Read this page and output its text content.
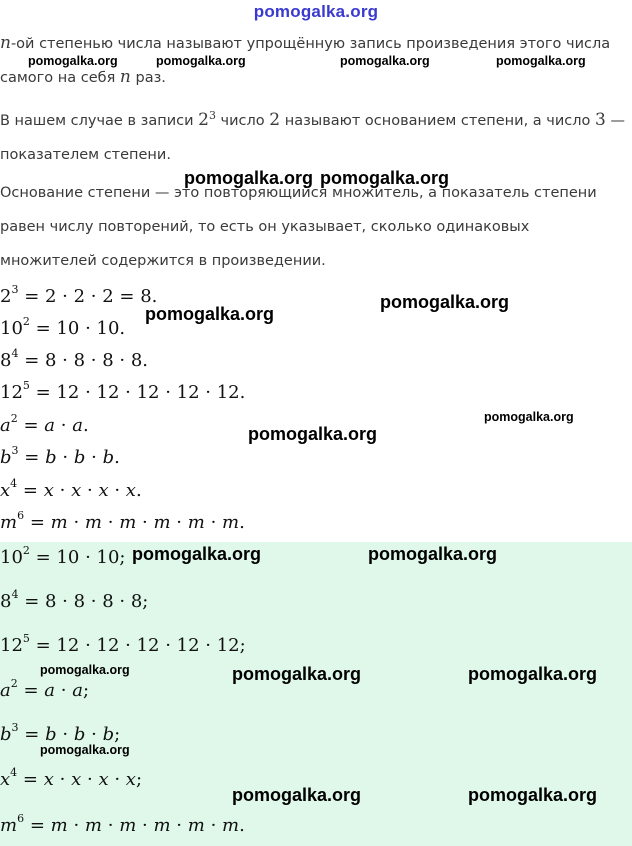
pomogalka.org
n-ой степенью числа называют упрощённую запись произведения этого числа самого на себя n раз.
В нашем случае в записи $2^3$ число 2 называют основанием степени, а число 3 — показателем степени.
Основание степени — это повторяющийся множитель, а показатель степени равен числу повторений, то есть он указывает, сколько одинаковых множителей содержится в произведении.
$2^3 = 2 \cdot 2 \cdot 2 = 8$.
$10^2 = 10 \cdot 10$.
$8^4 = 8 \cdot 8 \cdot 8 \cdot 8$.
$12^5 = 12 \cdot 12 \cdot 12 \cdot 12 \cdot 12$.
$a^2 = a \cdot a$.
$b^3 = b \cdot b \cdot b$.
$x^4 = x \cdot x \cdot x \cdot x$.
$m^6 = m \cdot m \cdot m \cdot m \cdot m \cdot m$.
$10^2 = 10 \cdot 10$;
$8^4 = 8 \cdot 8 \cdot 8 \cdot 8$;
$12^5 = 12 \cdot 12 \cdot 12 \cdot 12 \cdot 12$;
$a^2 = a \cdot a$;
$b^3 = b \cdot b \cdot b$;
$x^4 = x \cdot x \cdot x \cdot x$;
$m^6 = m \cdot m \cdot m \cdot m \cdot m \cdot m$.
pomogalka.org	pomogalka.org	pomogalka.org	pomogalka.org
pomogalka.org pomogalka.org
pomogalka.org
pomogalka.org
pomogalka.org
pomogalka.org
pomogalka.org	pomogalka.org
pomogalka.org	pomogalka.org
pomogalka.org
pomogalka.org
pomogalka.org	pomogalka.org
